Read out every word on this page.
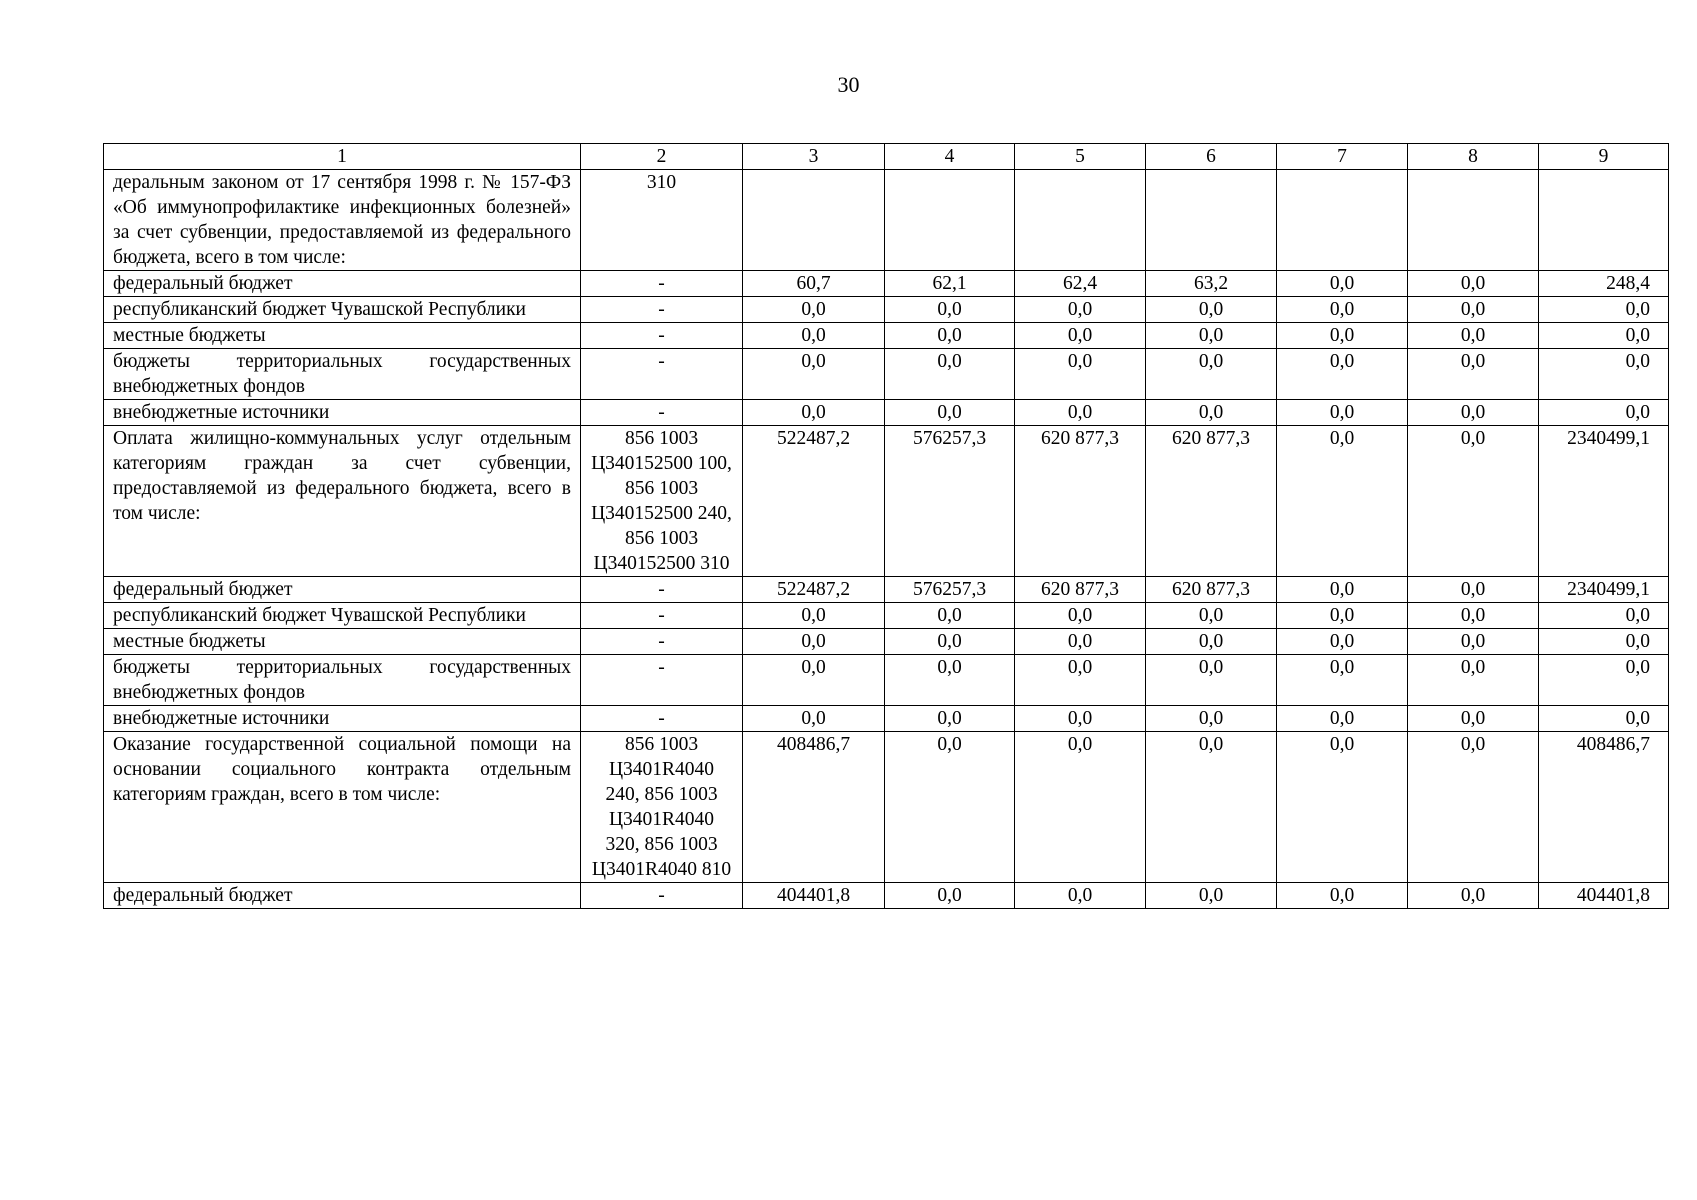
30
1	2	3	4	5	6	7	8	9
деральным законом от 17 сентября 1998 г. № 157-ФЗ «Об иммунопрофилактике инфекционных болезней» за счет субвенции, предоставляемой из федерального бюджета, всего в том числе:	310							
федеральный бюджет	-	60,7	62,1	62,4	63,2	0,0	0,0	248,4
республиканский бюджет Чувашской Республики	-	0,0	0,0	0,0	0,0	0,0	0,0	0,0
местные бюджеты	-	0,0	0,0	0,0	0,0	0,0	0,0	0,0
бюджеты территориальных государственных внебюджетных фондов	-	0,0	0,0	0,0	0,0	0,0	0,0	0,0
внебюджетные источники	-	0,0	0,0	0,0	0,0	0,0	0,0	0,0
Оплата жилищно-коммунальных услуг отдельным категориям граждан за счет субвенции, предоставляемой из федерального бюджета, всего в том числе:	856 1003 Ц340152500 100, 856 1003 Ц340152500 240, 856 1003 Ц340152500 310	522487,2	576257,3	620 877,3	620 877,3	0,0	0,0	2340499,1
федеральный бюджет	-	522487,2	576257,3	620 877,3	620 877,3	0,0	0,0	2340499,1
республиканский бюджет Чувашской Республики	-	0,0	0,0	0,0	0,0	0,0	0,0	0,0
местные бюджеты	-	0,0	0,0	0,0	0,0	0,0	0,0	0,0
бюджеты территориальных государственных внебюджетных фондов	-	0,0	0,0	0,0	0,0	0,0	0,0	0,0
внебюджетные источники	-	0,0	0,0	0,0	0,0	0,0	0,0	0,0
Оказание государственной социальной помощи на основании социального контракта отдельным категориям граждан, всего в том числе:	856 1003 Ц3401R4040 240, 856 1003 Ц3401R4040 320, 856 1003 Ц3401R4040 810	408486,7	0,0	0,0	0,0	0,0	0,0	408486,7
федеральный бюджет	-	404401,8	0,0	0,0	0,0	0,0	0,0	404401,8
